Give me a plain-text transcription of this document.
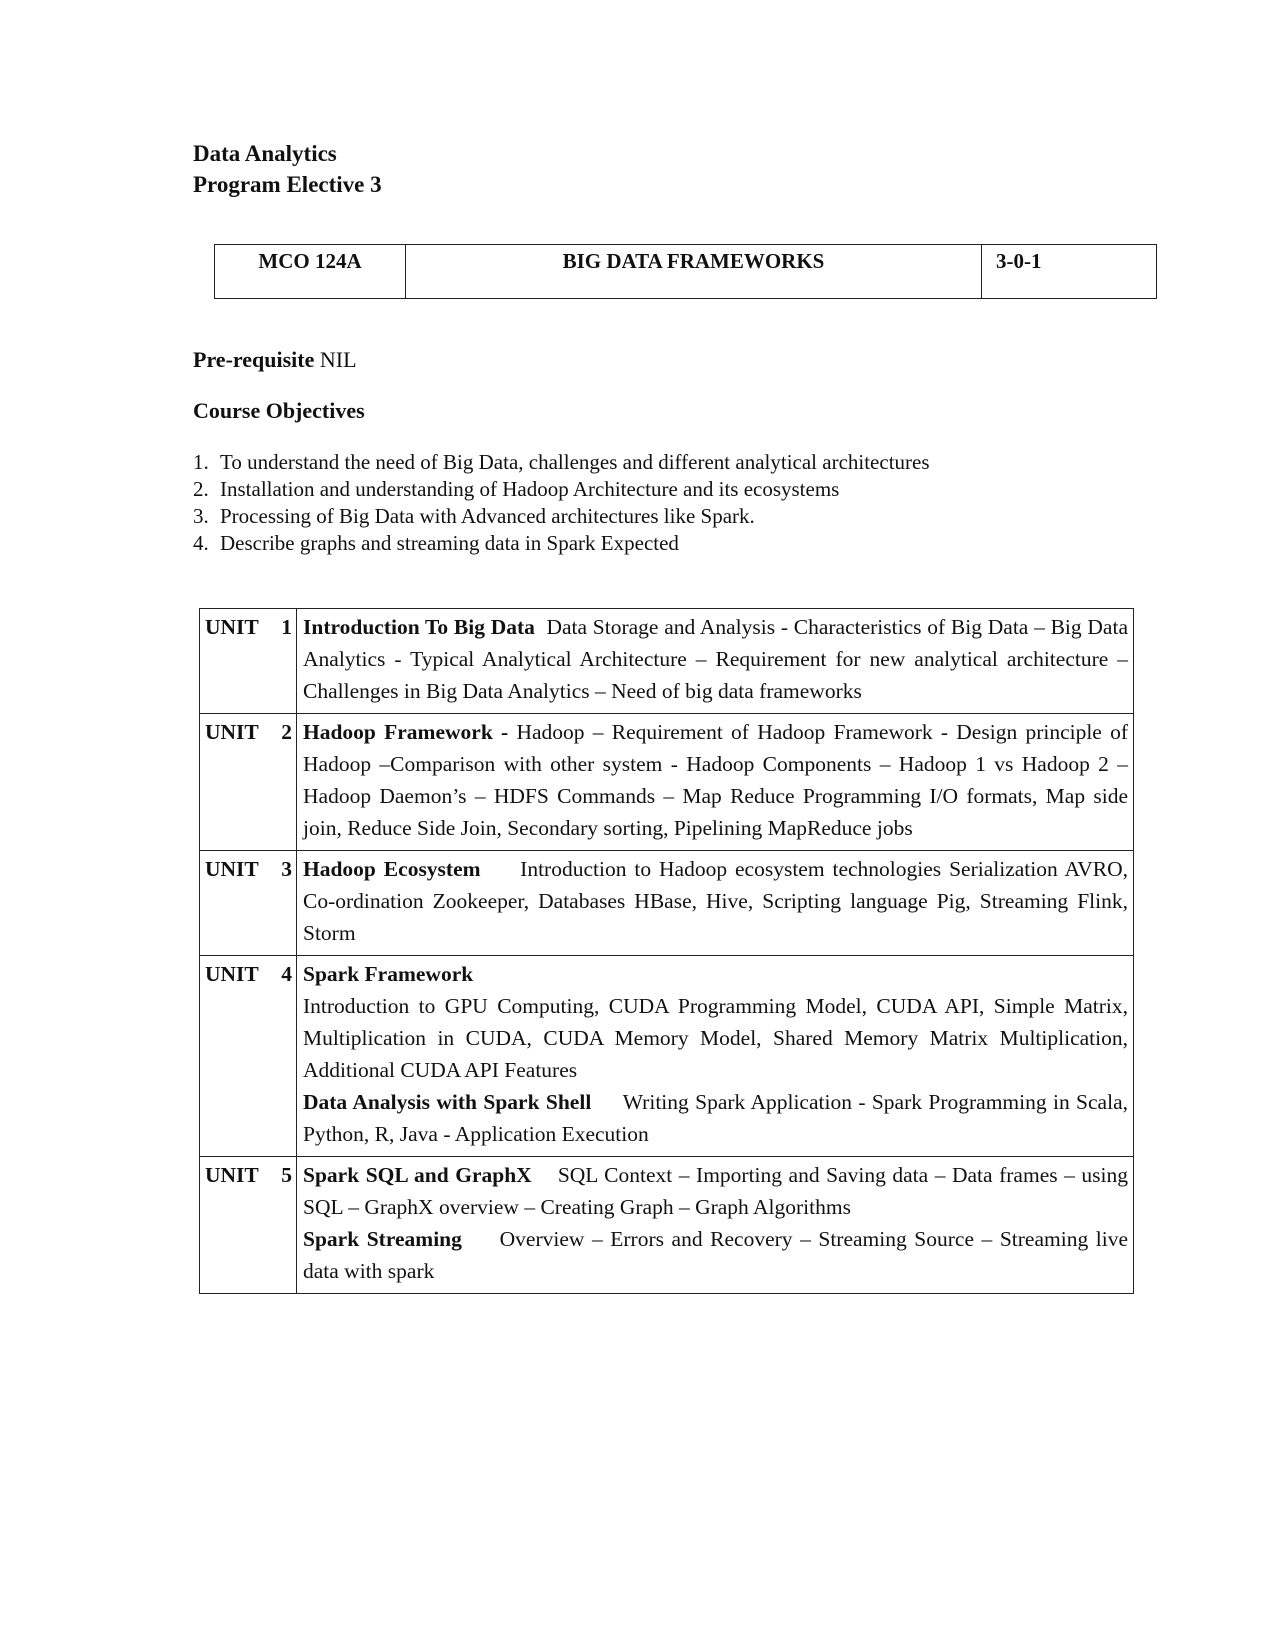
Data Analytics
Program Elective 3
MCO 124A	BIG DATA FRAMEWORKS	3-0-1
Pre-requisite NIL
Course Objectives
1. To understand the need of Big Data, challenges and different analytical architectures
2. Installation and understanding of Hadoop Architecture and its ecosystems
3. Processing of Big Data with Advanced architectures like Spark.
4. Describe graphs and streaming data in Spark Expected
UNIT 1	Introduction To Big Data Data Storage and Analysis - Characteristics of Big Data – Big Data Analytics - Typical Analytical Architecture – Requirement for new analytical architecture – Challenges in Big Data Analytics – Need of big data frameworks

UNIT 2	Hadoop Framework - Hadoop – Requirement of Hadoop Framework - Design principle of Hadoop –Comparison with other system - Hadoop Components – Hadoop 1 vs Hadoop 2 – Hadoop Daemon’s – HDFS Commands – Map Reduce Programming I/O formats, Map side join, Reduce Side Join, Secondary sorting, Pipelining MapReduce jobs

UNIT 3	Hadoop Ecosystem Introduction to Hadoop ecosystem technologies Serialization AVRO, Co-ordination Zookeeper, Databases HBase, Hive, Scripting language Pig, Streaming Flink, Storm

UNIT 4	Spark Framework
Introduction to GPU Computing, CUDA Programming Model, CUDA API, Simple Matrix, Multiplication in CUDA, CUDA Memory Model, Shared Memory Matrix Multiplication, Additional CUDA API Features
Data Analysis with Spark Shell Writing Spark Application - Spark Programming in Scala, Python, R, Java - Application Execution

UNIT 5	Spark SQL and GraphX SQL Context – Importing and Saving data – Data frames – using SQL – GraphX overview – Creating Graph – Graph Algorithms
Spark Streaming Overview – Errors and Recovery – Streaming Source – Streaming live data with spark
